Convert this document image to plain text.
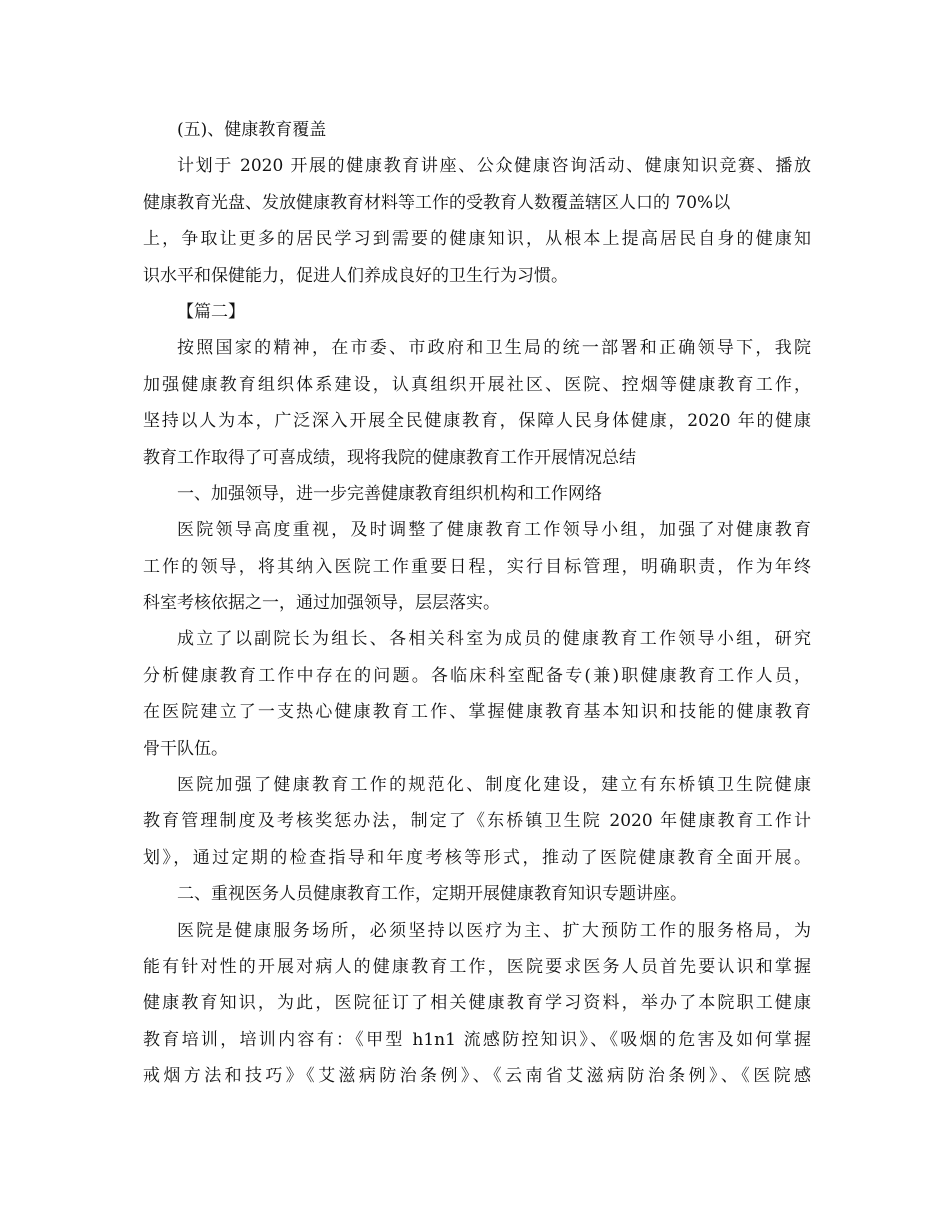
(五)、健康教育覆盖
计划于 2020 开展的健康教育讲座、公众健康咨询活动、健康知识竞赛、播放
健康教育光盘、发放健康教育材料等工作的受教育人数覆盖辖区人口的 70%以
上，争取让更多的居民学习到需要的健康知识，从根本上提高居民自身的健康知
识水平和保健能力，促进人们养成良好的卫生行为习惯。
【篇二】
按照国家的精神，在市委、市政府和卫生局的统一部署和正确领导下，我院
加强健康教育组织体系建设，认真组织开展社区、医院、控烟等健康教育工作，
坚持以人为本，广泛深入开展全民健康教育，保障人民身体健康，2020 年的健康
教育工作取得了可喜成绩，现将我院的健康教育工作开展情况总结
一、加强领导，进一步完善健康教育组织机构和工作网络
医院领导高度重视，及时调整了健康教育工作领导小组，加强了对健康教育
工作的领导，将其纳入医院工作重要日程，实行目标管理，明确职责，作为年终
科室考核依据之一，通过加强领导，层层落实。
成立了以副院长为组长、各相关科室为成员的健康教育工作领导小组，研究
分析健康教育工作中存在的问题。各临床科室配备专(兼)职健康教育工作人员，
在医院建立了一支热心健康教育工作、掌握健康教育基本知识和技能的健康教育
骨干队伍。
医院加强了健康教育工作的规范化、制度化建设，建立有东桥镇卫生院健康
教育管理制度及考核奖惩办法，制定了《东桥镇卫生院 2020 年健康教育工作计
划》，通过定期的检查指导和年度考核等形式，推动了医院健康教育全面开展。
二、重视医务人员健康教育工作，定期开展健康教育知识专题讲座。
医院是健康服务场所，必须坚持以医疗为主、扩大预防工作的服务格局，为
能有针对性的开展对病人的健康教育工作，医院要求医务人员首先要认识和掌握
健康教育知识，为此，医院征订了相关健康教育学习资料，举办了本院职工健康
教育培训，培训内容有：《甲型 h1n1 流感防控知识》、《吸烟的危害及如何掌握
戒烟方法和技巧》《艾滋病防治条例》、《云南省艾滋病防治条例》、《医院感
